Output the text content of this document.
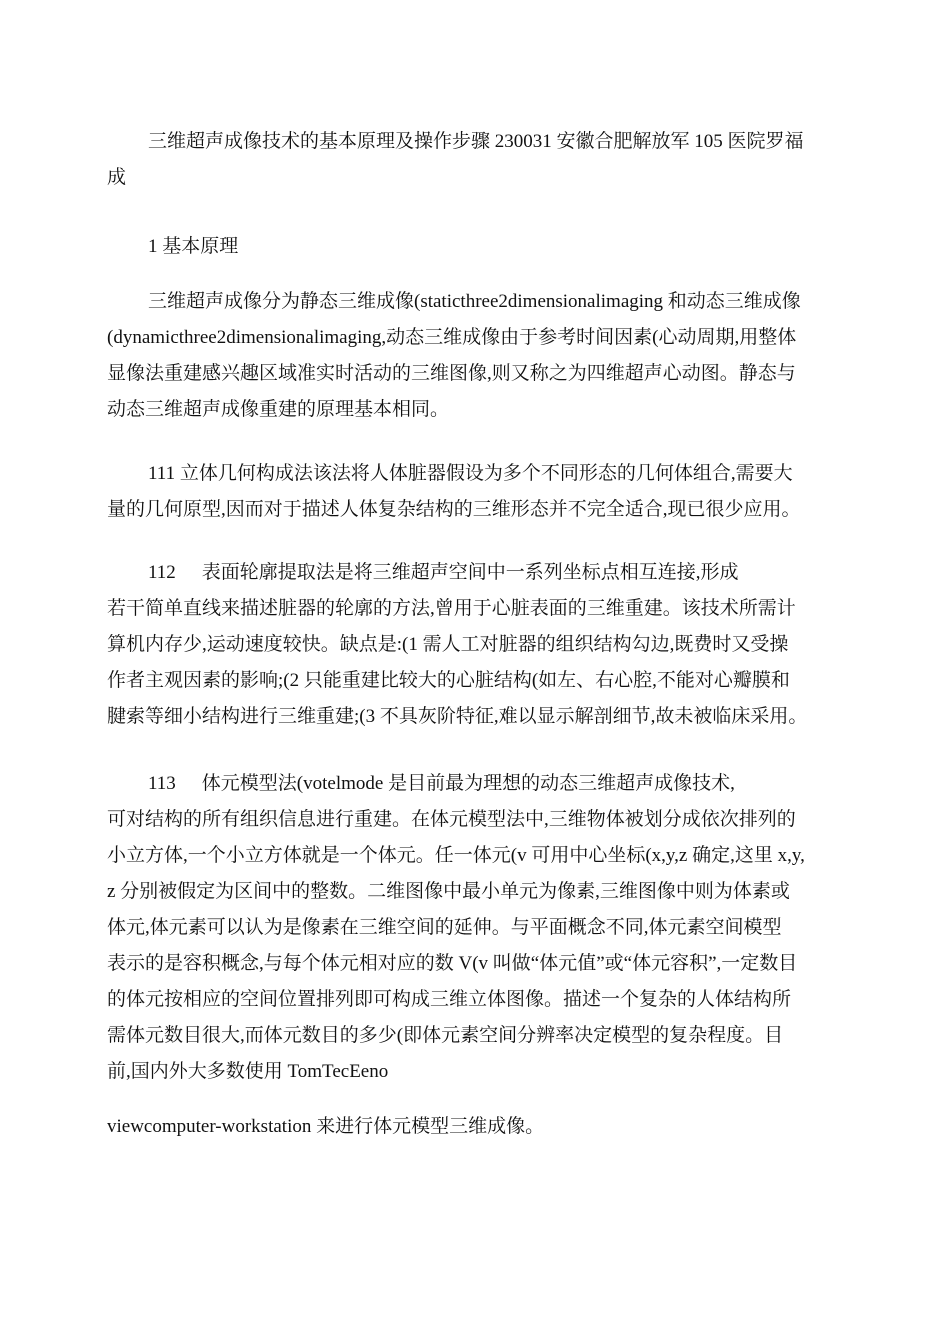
三维超声成像技术的基本原理及操作步骤 230031 安徽合肥解放军 105 医院罗福
成
1 基本原理
三维超声成像分为静态三维成像(staticthree2dimensionalimaging 和动态三维成像
(dynamicthree2dimensionalimaging,动态三维成像由于参考时间因素(心动周期,用整体
显像法重建感兴趣区域准实时活动的三维图像,则又称之为四维超声心动图。静态与
动态三维超声成像重建的原理基本相同。
111 立体几何构成法该法将人体脏器假设为多个不同形态的几何体组合,需要大
量的几何原型,因而对于描述人体复杂结构的三维形态并不完全适合,现已很少应用。
112 表面轮廓提取法是将三维超声空间中一系列坐标点相互连接,形成
若干简单直线来描述脏器的轮廓的方法,曾用于心脏表面的三维重建。该技术所需计
算机内存少,运动速度较快。缺点是:(1 需人工对脏器的组织结构勾边,既费时又受操
作者主观因素的影响;(2 只能重建比较大的心脏结构(如左、右心腔,不能对心瓣膜和
腱索等细小结构进行三维重建;(3 不具灰阶特征,难以显示解剖细节,故未被临床采用。
113 体元模型法(votelmode 是目前最为理想的动态三维超声成像技术,
可对结构的所有组织信息进行重建。在体元模型法中,三维物体被划分成依次排列的
小立方体,一个小立方体就是一个体元。任一体元(v 可用中心坐标(x,y,z 确定,这里 x,y,
z 分别被假定为区间中的整数。二维图像中最小单元为像素,三维图像中则为体素或
体元,体元素可以认为是像素在三维空间的延伸。与平面概念不同,体元素空间模型
表示的是容积概念,与每个体元相对应的数 V(v 叫做“体元值”或“体元容积”,一定数目
的体元按相应的空间位置排列即可构成三维立体图像。描述一个复杂的人体结构所
需体元数目很大,而体元数目的多少(即体元素空间分辨率决定模型的复杂程度。目
前,国内外大多数使用 TomTecEeno
viewcomputer-workstation 来进行体元模型三维成像。
